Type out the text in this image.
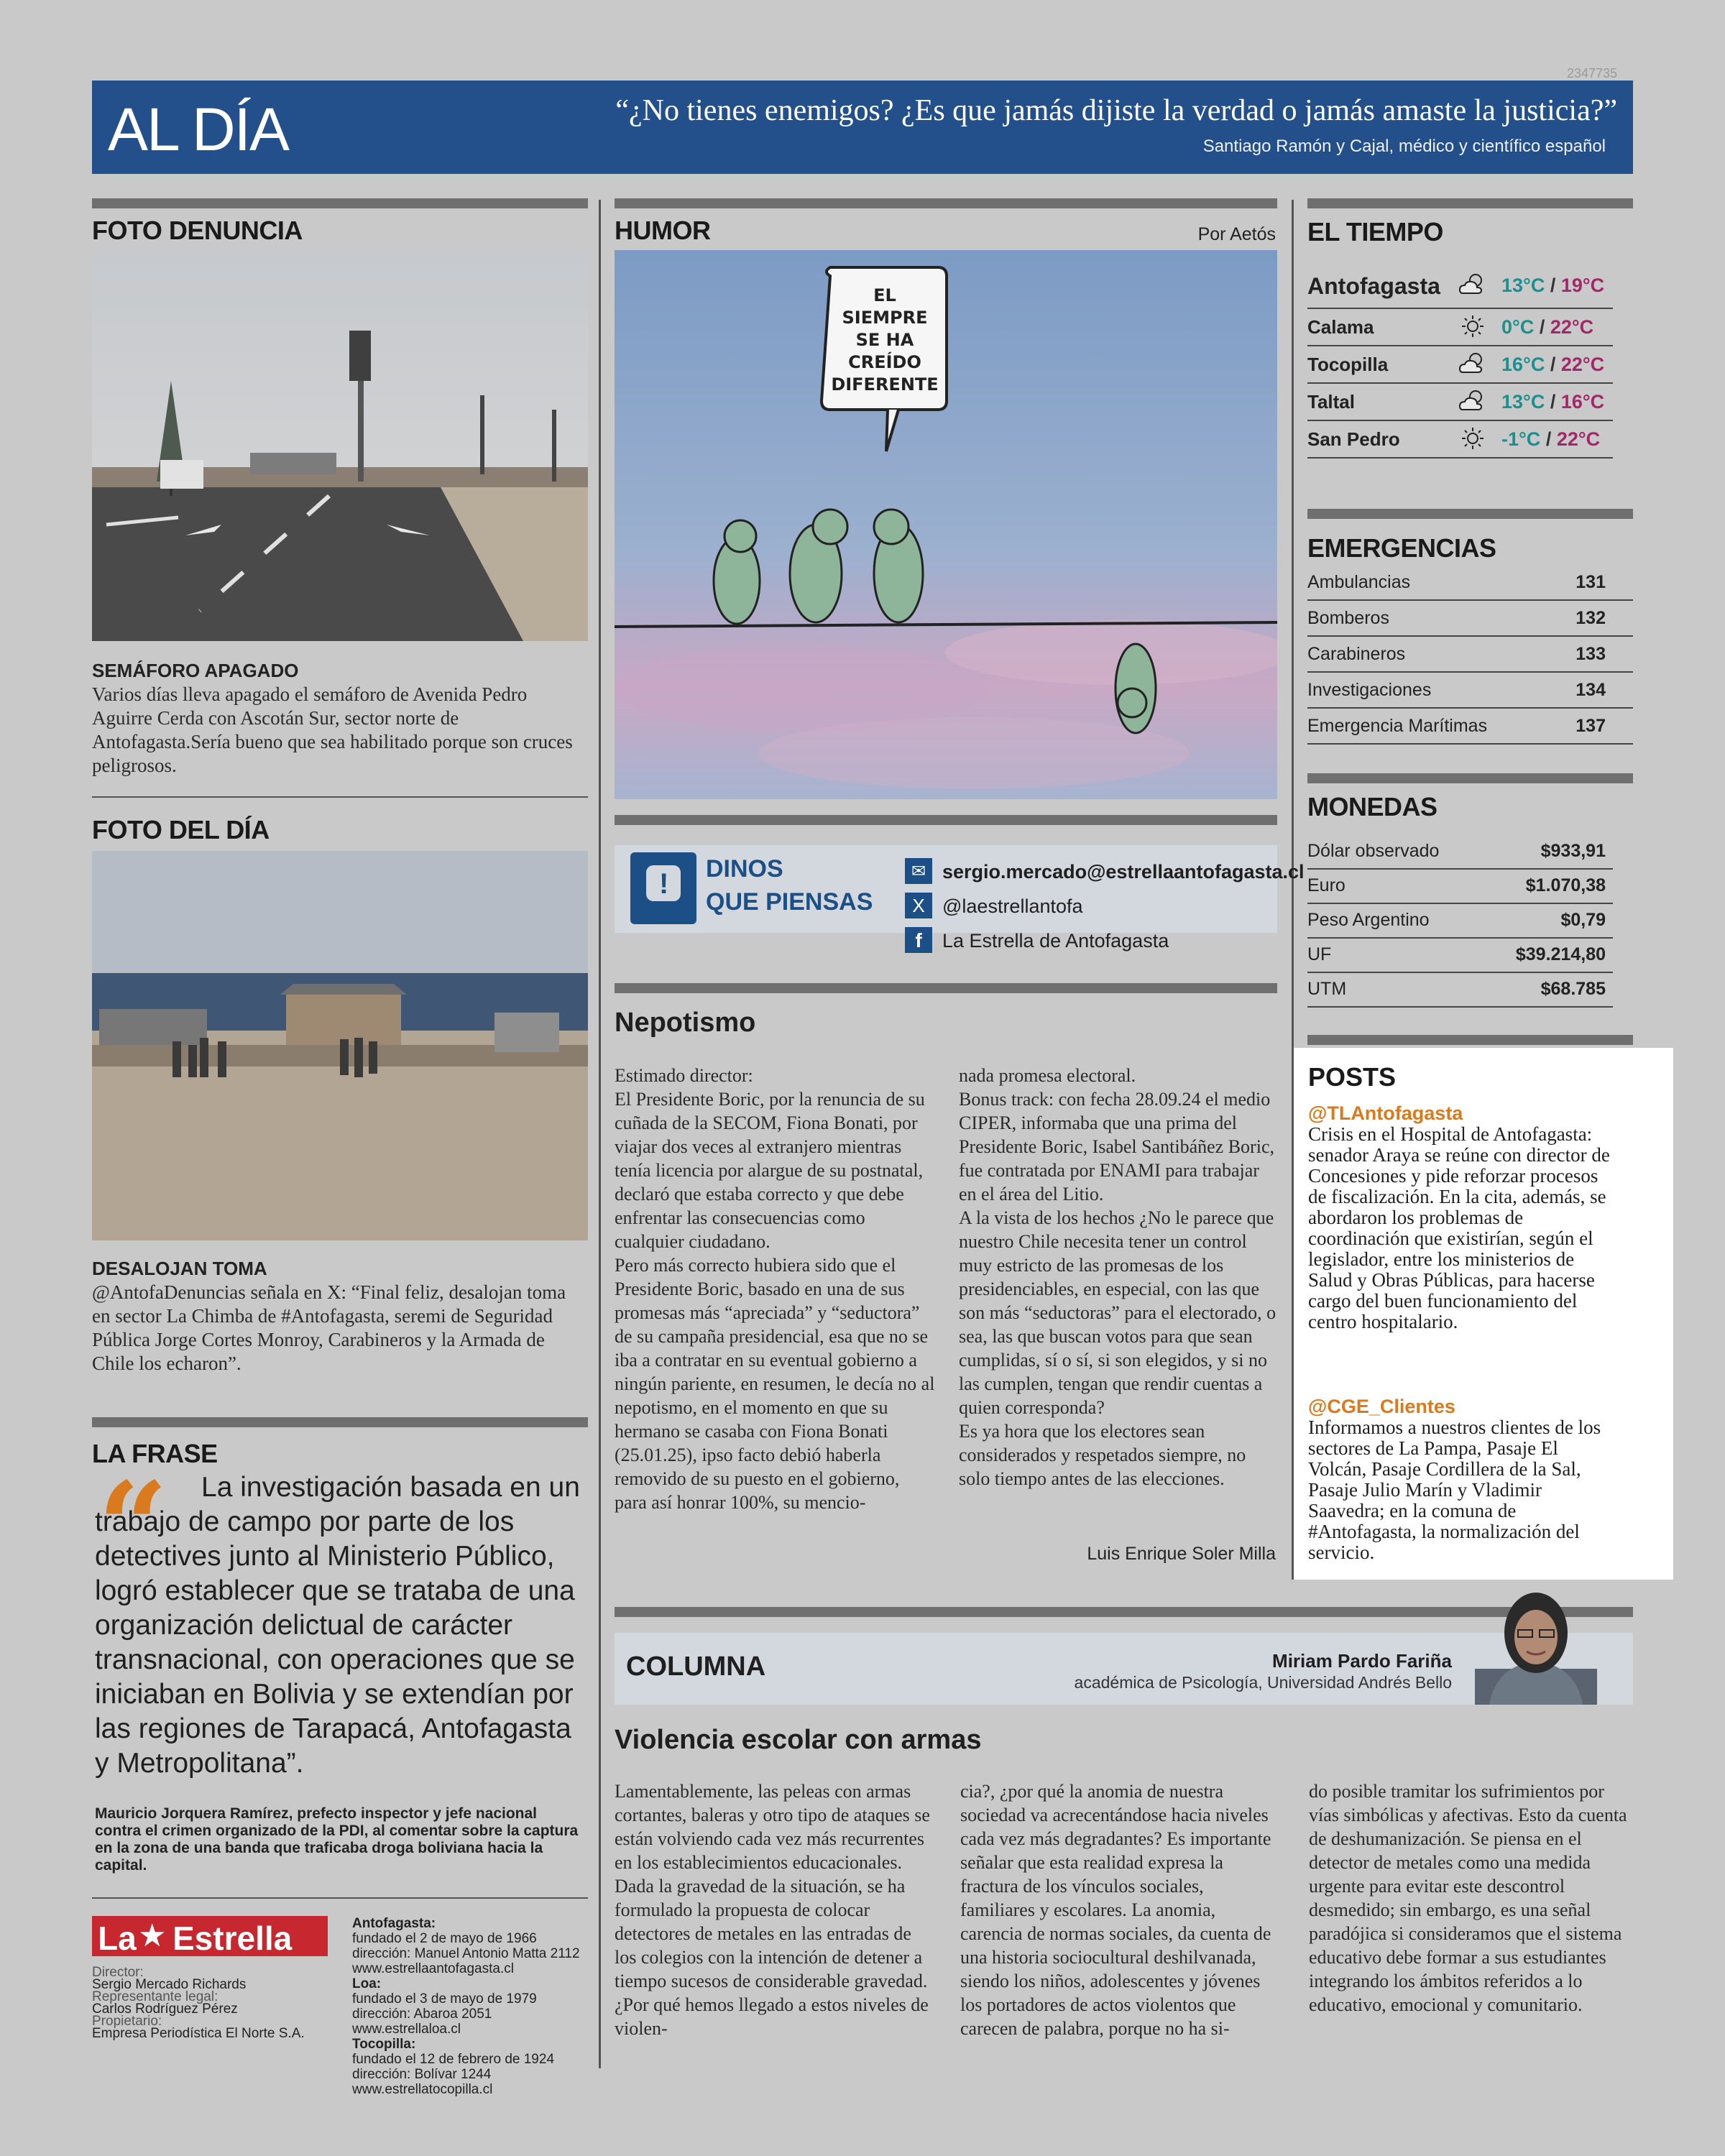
2347735
AL DÍA	“¿No tienes enemigos? ¿Es que jamás dijiste la verdad o jamás amaste la justicia?”
Santiago Ramón y Cajal, médico y científico español
FOTO DENUNCIA
SEMÁFORO APAGADO
Varios días lleva apagado el semáforo de Avenida Pedro Aguirre Cerda con Ascotán Sur, sector norte de Antofagasta.Sería bueno que sea habilitado porque son cruces peligrosos.
FOTO DEL DÍA
DESALOJAN TOMA
@AntofaDenuncias señala en X: “Final feliz, desalojan toma en sector La Chimba de #Antofagasta, seremi de Seguridad Pública Jorge Cortes Monroy, Carabineros y la Armada de Chile los echaron”.
LA FRASE
“	La investigación basada en un trabajo de campo por parte de los detectives junto al Ministerio Público, logró establecer que se trataba de una organización delictual de carácter transnacional, con operaciones que se iniciaban en Bolivia y se extendían por las regiones de Tarapacá, Antofagasta y Metropolitana”.
Mauricio Jorquera Ramírez, prefecto inspector y jefe nacional contra el crimen organizado de la PDI, al comentar sobre la captura en la zona de una banda que traficaba droga boliviana hacia la capital.
La ★ Estrella
Director:
Sergio Mercado Richards
Representante legal:
Carlos Rodríguez Pérez
Propietario:
Empresa Periodística El Norte S.A.
Antofagasta:
fundado el 2 de mayo de 1966
dirección: Manuel Antonio Matta 2112
www.estrellaantofagasta.cl
Loa:
fundado el 3 de mayo de 1979
dirección: Abaroa 2051
www.estrellaloa.cl
Tocopilla:
fundado el 12 de febrero de 1924
dirección: Bolívar 1244
www.estrellatocopilla.cl
HUMOR	Por Aetós
EL
SIEMPRE
SE HA
CREÍDO
DIFERENTE
! DINOS
QUE PIENSAS
✉ sergio.mercado@estrellaantofagasta.cl
X @laestrellantofa
f	La Estrella de Antofagasta
Nepotismo
Estimado director:
El Presidente Boric, por la renuncia de su cuñada de la SECOM, Fiona Bonati, por viajar dos veces al extranjero mientras tenía licencia por alargue de su postnatal, declaró que estaba correcto y que debe enfrentar las consecuencias como cualquier ciudadano.
Pero más correcto hubiera sido que el Presidente Boric, basado en una de sus promesas más “apreciada” y “seductora” de su campaña presidencial, esa que no se iba a contratar en su eventual gobierno a ningún pariente, en resumen, le decía no al nepotismo, en el momento en que su hermano se casaba con Fiona Bonati (25.01.25), ipso facto debió haberla removido de su puesto en el gobierno, para así honrar 100%, su mencio-
nada promesa electoral.
Bonus track: con fecha 28.09.24 el medio CIPER, informaba que una prima del Presidente Boric, Isabel Santibáñez Boric, fue contratada por ENAMI para trabajar en el área del Litio.
A la vista de los hechos ¿No le parece que nuestro Chile necesita tener un control muy estricto de las promesas de los presidenciables, en especial, con las que son más “seductoras” para el electorado, o sea, las que buscan votos para que sean cumplidas, sí o sí, si son elegidos, y si no las cumplen, tengan que rendir cuentas a quien corresponda?
Es ya hora que los electores sean considerados y respetados siempre, no solo tiempo antes de las elecciones.
Luis Enrique Soler Milla
EL TIEMPO
Antofagasta	13°C / 19°C
Calama	0°C / 22°C
Tocopilla	16°C / 22°C
Taltal	13°C / 16°C
San Pedro	-1°C / 22°C
EMERGENCIAS
Ambulancias	131
Bomberos	132
Carabineros	133
Investigaciones	134
Emergencia Marítimas	137
MONEDAS
Dólar observado	$933,91
Euro	$1.070,38
Peso Argentino	$0,79
UF	$39.214,80
UTM	$68.785
POSTS
@TLAntofagasta
Crisis en el Hospital de Antofagasta: senador Araya se reúne con director de Concesiones y pide reforzar procesos de fiscalización. En la cita, además, se abordaron los problemas de coordinación que existirían, según el legislador, entre los ministerios de Salud y Obras Públicas, para hacerse cargo del buen funcionamiento del centro hospitalario.
@CGE_Clientes
Informamos a nuestros clientes de los sectores de La Pampa, Pasaje El Volcán, Pasaje Cordillera de la Sal, Pasaje Julio Marín y Vladimir Saavedra; en la comuna de #Antofagasta, la normalización del servicio.
COLUMNA	Miriam Pardo Fariña
académica de Psicología, Universidad Andrés Bello
Violencia escolar con armas
Lamentablemente, las peleas con armas cortantes, baleras y otro tipo de ataques se están volviendo cada vez más recurrentes en los establecimientos educacionales. Dada la gravedad de la situación, se ha formulado la propuesta de colocar detectores de metales en las entradas de los colegios con la intención de detener a tiempo sucesos de considerable gravedad. ¿Por qué hemos llegado a estos niveles de violen-
cia?, ¿por qué la anomia de nuestra sociedad va acrecentándose hacia niveles cada vez más degradantes? Es importante señalar que esta realidad expresa la fractura de los vínculos sociales, familiares y escolares. La anomia, carencia de normas sociales, da cuenta de una historia sociocultural deshilvanada, siendo los niños, adolescentes y jóvenes los portadores de actos violentos que carecen de palabra, porque no ha si-
do posible tramitar los sufrimientos por vías simbólicas y afectivas. Esto da cuenta de deshumanización. Se piensa en el detector de metales como una medida urgente para evitar este descontrol desmedido; sin embargo, es una señal paradójica si consideramos que el sistema educativo debe formar a sus estudiantes integrando los ámbitos referidos a lo educativo, emocional y comunitario.
